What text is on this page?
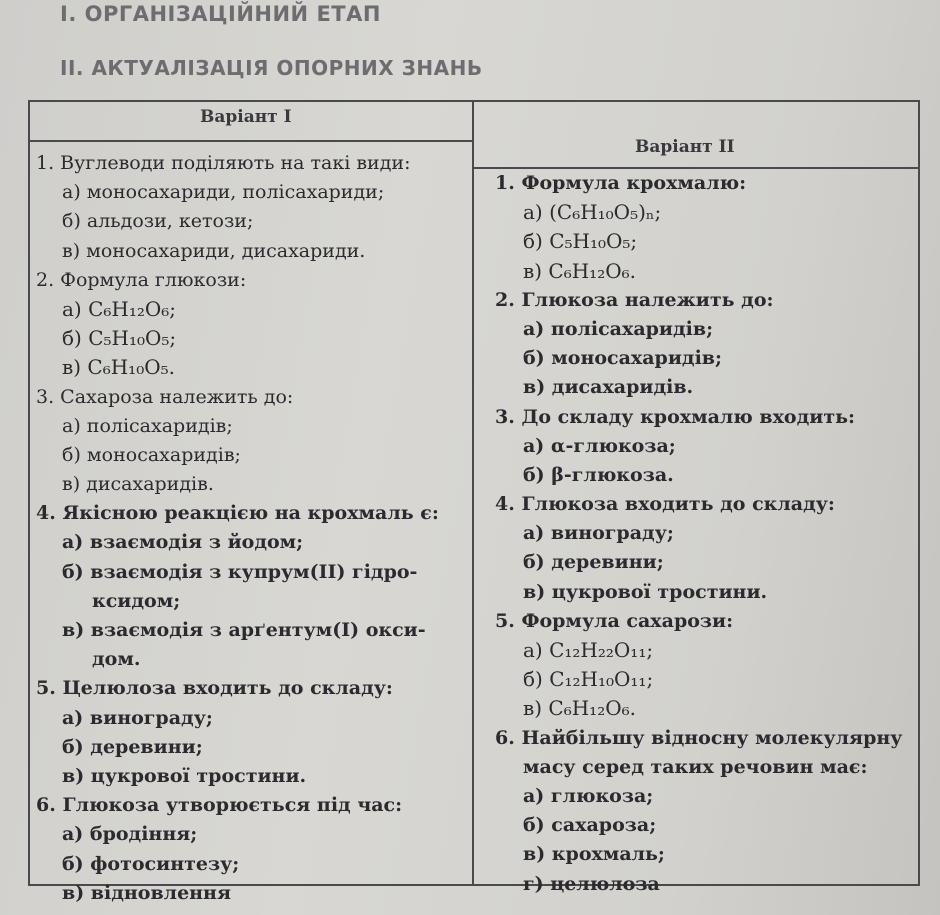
І. ОРГАНІЗАЦІЙНИЙ ЕТАП
ІІ. АКТУАЛІЗАЦІЯ ОПОРНИХ ЗНАНЬ
Варіант І
Варіант ІІ
1. Вуглеводи поділяють на такі види:
а) моносахариди, полісахариди;
б) альдози, кетози;
в) моносахариди, дисахариди.
2. Формула глюкози:
а) C₆H₁₂O₆;
б) C₅H₁₀O₅;
в) C₆H₁₀O₅.
3. Сахароза належить до:
а) полісахаридів;
б) моносахаридів;
в) дисахаридів.
4. Якісною реакцією на крохмаль є:
а) взаємодія з йодом;
б) взаємодія з купрум(ІІ) гідро-
ксидом;
в) взаємодія з арґентум(І) окси-
дом.
5. Целюлоза входить до складу:
а) винограду;
б) деревини;
в) цукрової тростини.
6. Глюкоза утворюється під час:
а) бродіння;
б) фотосинтезу;
в) відновлення
1. Формула крохмалю:
а) (C₆H₁₀O₅)ₙ;
б) C₅H₁₀O₅;
в) C₆H₁₂O₆.
2. Глюкоза належить до:
а) полісахаридів;
б) моносахаридів;
в) дисахаридів.
3. До складу крохмалю входить:
а) α-глюкоза;
б) β-глюкоза.
4. Глюкоза входить до складу:
а) винограду;
б) деревини;
в) цукрової тростини.
5. Формула сахарози:
а) C₁₂H₂₂O₁₁;
б) C₁₂H₁₀O₁₁;
в) C₆H₁₂O₆.
6. Найбільшу відносну молекулярну
масу серед таких речовин має:
а) глюкоза;
б) сахароза;
в) крохмаль;
г) целюлоза
